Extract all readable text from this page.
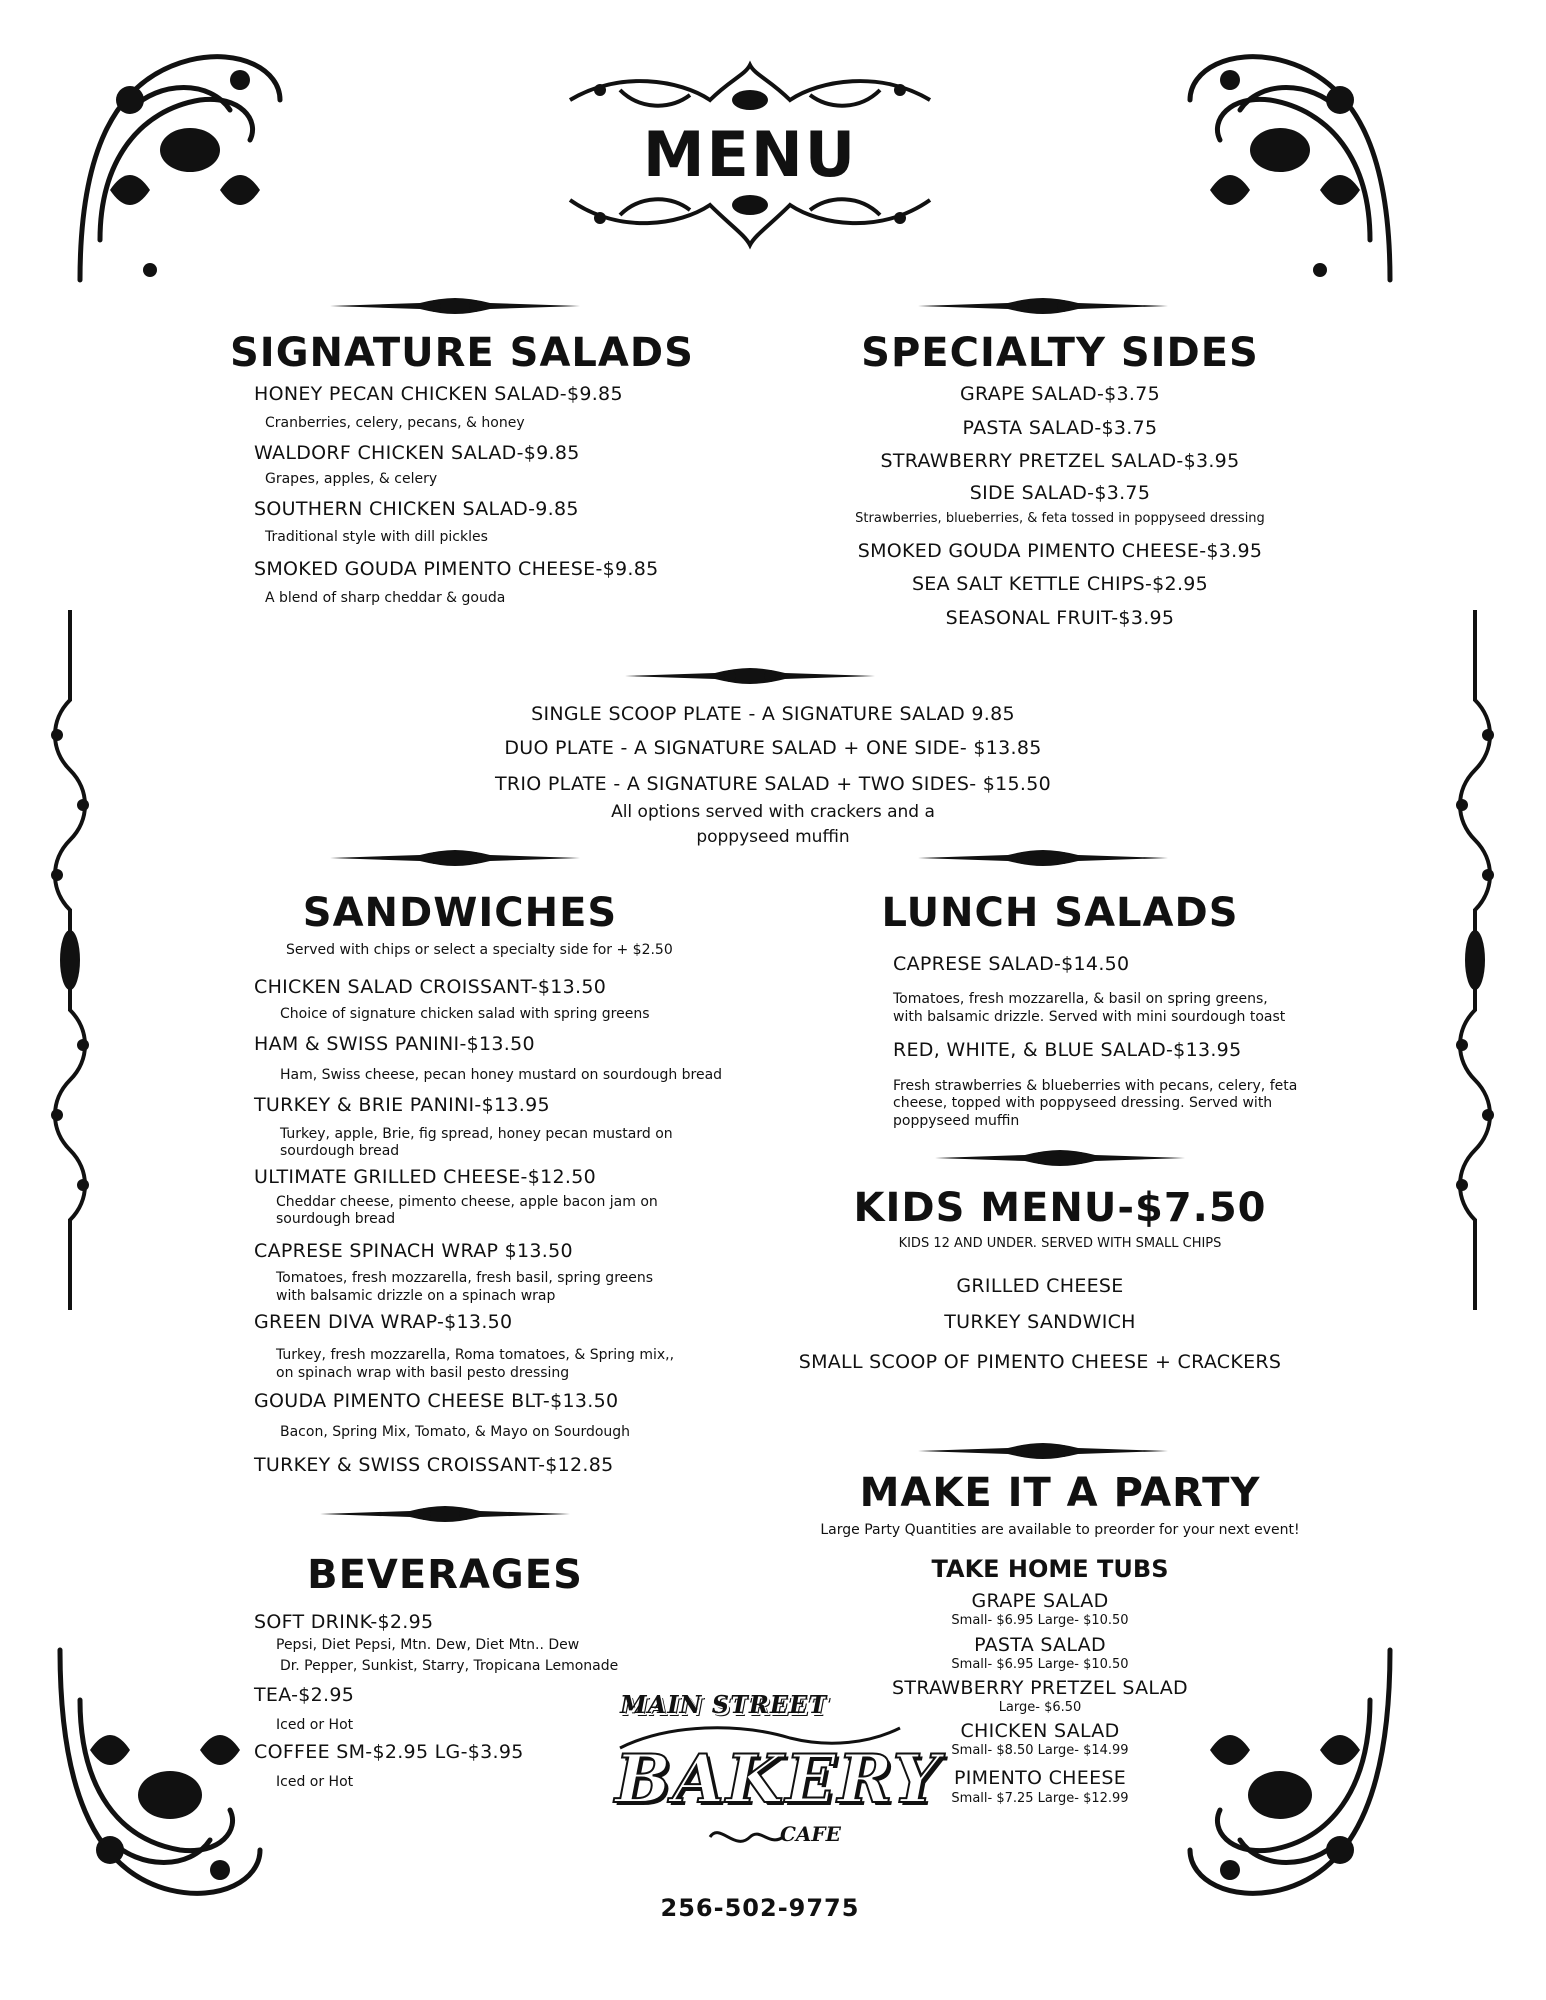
MENU
SIGNATURE SALADS
HONEY PECAN CHICKEN SALAD-$9.85
Cranberries, celery, pecans, & honey
WALDORF CHICKEN SALAD-$9.85
Grapes, apples, & celery
SOUTHERN CHICKEN SALAD-9.85
Traditional style with dill pickles
SMOKED GOUDA PIMENTO CHEESE-$9.85
A blend of sharp cheddar & gouda
SPECIALTY SIDES
GRAPE SALAD-$3.75
PASTA SALAD-$3.75
STRAWBERRY PRETZEL SALAD-$3.95
SIDE SALAD-$3.75
Strawberries, blueberries, & feta tossed in poppyseed dressing
SMOKED GOUDA PIMENTO CHEESE-$3.95
SEA SALT KETTLE CHIPS-$2.95
SEASONAL FRUIT-$3.95
SINGLE SCOOP PLATE - A SIGNATURE SALAD 9.85
DUO PLATE - A SIGNATURE SALAD + ONE SIDE- $13.85
TRIO PLATE - A SIGNATURE SALAD + TWO SIDES- $15.50
All options served with crackers and a
poppyseed muffin
SANDWICHES
Served with chips or select a specialty side for + $2.50
CHICKEN SALAD CROISSANT-$13.50
Choice of signature chicken salad with spring greens
HAM & SWISS PANINI-$13.50
Ham, Swiss cheese, pecan honey mustard on sourdough bread
TURKEY & BRIE PANINI-$13.95
Turkey, apple, Brie, fig spread, honey pecan mustard on
sourdough bread
ULTIMATE GRILLED CHEESE-$12.50
Cheddar cheese, pimento cheese, apple bacon jam on
sourdough bread
CAPRESE SPINACH WRAP $13.50
Tomatoes, fresh mozzarella, fresh basil, spring greens
with balsamic drizzle on a spinach wrap
GREEN DIVA WRAP-$13.50
Turkey, fresh mozzarella, Roma tomatoes, & Spring mix,,
on spinach wrap with basil pesto dressing
GOUDA PIMENTO CHEESE BLT-$13.50
Bacon, Spring Mix, Tomato, & Mayo on Sourdough
TURKEY & SWISS CROISSANT-$12.85
LUNCH SALADS
CAPRESE SALAD-$14.50
Tomatoes, fresh mozzarella, & basil on spring greens,
with balsamic drizzle. Served with mini sourdough toast
RED, WHITE, & BLUE SALAD-$13.95
Fresh strawberries & blueberries with pecans, celery, feta
cheese, topped with poppyseed dressing. Served with
poppyseed muffin
KIDS MENU-$7.50
KIDS 12 AND UNDER. SERVED WITH SMALL CHIPS
GRILLED CHEESE
TURKEY SANDWICH
SMALL SCOOP OF PIMENTO CHEESE + CRACKERS
MAKE IT A PARTY
Large Party Quantities are available to preorder for your next event!
TAKE HOME TUBS
GRAPE SALAD
Small- $6.95 Large- $10.50
PASTA SALAD
Small- $6.95 Large- $10.50
STRAWBERRY PRETZEL SALAD
Large- $6.50
CHICKEN SALAD
Small- $8.50 Large- $14.99
PIMENTO CHEESE
Small- $7.25 Large- $12.99
BEVERAGES
SOFT DRINK-$2.95
Pepsi, Diet Pepsi, Mtn. Dew, Diet Mtn.. Dew
Dr. Pepper, Sunkist, Starry, Tropicana Lemonade
TEA-$2.95
Iced or Hot
COFFEE SM-$2.95 LG-$3.95
Iced or Hot
MAIN STREET
BAKERY
CAFE
256-502-9775
